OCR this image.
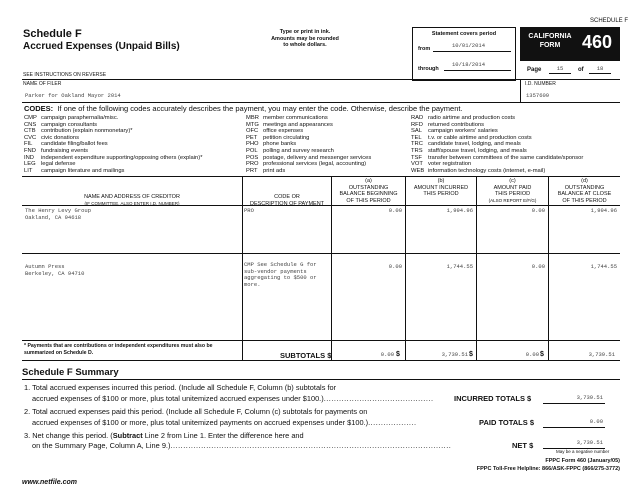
SCHEDULE F
Schedule F
Accrued Expenses (Unpaid Bills)
Type or print in ink.
Amounts may be rounded
to whole dollars.
Statement covers period
from	10/01/2014
through
10/18/2014
CALIFORNIA
FORM	460
Page	15	of	18
SEE INSTRUCTIONS ON REVERSE
NAME OF FILER	I.D. NUMBER
Parker for Oakland Mayor 2014	1357609
CODES: If one of the following codes accurately describes the payment, you may enter the code. Otherwise, describe the payment.
CMP campaign paraphernalia/misc.
CNS campaign consultants
CTB contribution (explain nonmonetary)*
CVC civic donations
FIL	candidate filing/ballot fees
FND fundraising events
IND	independent expenditure supporting/opposing others (explain)*
LEG legal defense
LIT	campaign literature and mailings
MBR member communications
MTG meetings and appearances
OFC office expenses
PET petition circulating
PHO phone banks
POL polling and survey research
POS postage, delivery and messenger services
PRO professional services (legal, accounting)
PRT print ads
RAD radio airtime and production costs
RFD returned contributions
SAL	campaign workers' salaries
TEL	t.v. or cable airtime and production costs
TRC candidate travel, lodging, and meals
TRS staff/spouse travel, lodging, and meals
TSF	transfer between committees of the same candidate/sponsor
VOT voter registration
WEB information technology costs (internet, e-mail)
NAME AND ADDRESS OF CREDITOR
(IF COMMITTEE, ALSO ENTER I.D. NUMBER)
CODE OR
DESCRIPTION OF PAYMENT
(a)
OUTSTANDING
BALANCE BEGINNING
OF THIS PERIOD
(b)
AMOUNT INCURRED
THIS PERIOD
(c)
AMOUNT PAID
THIS PERIOD
(ALSO REPORT E/F/G)
(d)
OUTSTANDING
BALANCE AT CLOSE
OF THIS PERIOD
The Henry Levy Group
Oakland, CA 94618
PRO	0.00	1,994.96	0.00	1,994.96
Autumn Press
Berkeley, CA 94710
CMP See Schedule G for
sub-vendor payments
aggregating to $500 or
more.
0.00	1,744.55	0.00	1,744.55
* Payments that are contributions or independent expenditures must also be summarized on Schedule D.	SUBTOTALS $	0.00 $	3,739.51 $	0.00 $	3,739.51
Schedule F Summary
1. Total accrued expenses incurred this period. (Include all Schedule F, Column (b) subtotals for
accrued expenses of $100 or more, plus total unitemized accrued expenses under $100.)...........................................	INCURRED TOTALS $	3,739.51
2. Total accrued expenses paid this period. (Include all Schedule F, Column (c) subtotals for payments on
accrued expenses of $100 or more, plus total unitemized payments on accrued expenses under $100.)...................	PAID TOTALS $	0.00
3. Net change this period. (Subtract Line 2 from Line 1. Enter the difference here and
on the Summary Page, Column A, Line 9.)..............................................................................................................	NET $	3,739.51
May be a negative number
FPPC Form 460 (January/05)
FPPC Toll-Free Helpline: 866/ASK-FPPC (866/275-3772)
www.netfile.com
